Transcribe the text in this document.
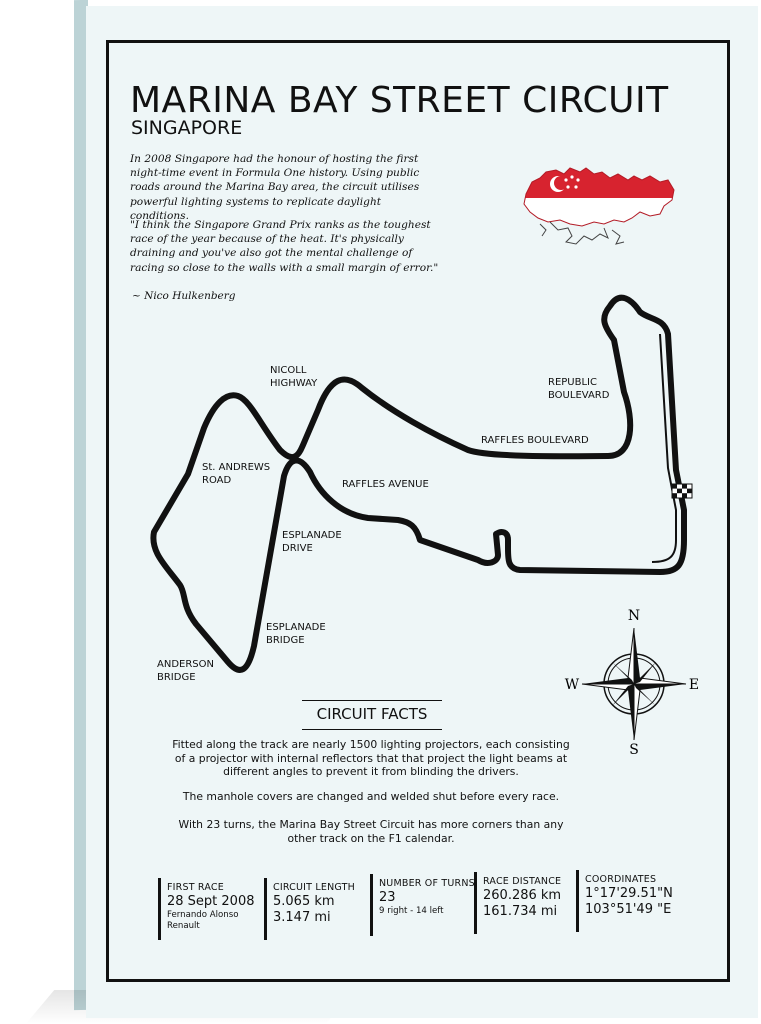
MARINA BAY STREET CIRCUIT
SINGAPORE
In 2008 Singapore had the honour of hosting the first night-time event in Formula One history. Using public roads around the Marina Bay area, the circuit utilises powerful lighting systems to replicate daylight conditions.
"I think the Singapore Grand Prix ranks as the toughest race of the year because of the heat. It's physically draining and you've also got the mental challenge of racing so close to the walls with a small margin of error."
~ Nico Hulkenberg
NICOLL
HIGHWAY	REPUBLIC
BOULEVARD
RAFFLES BOULEVARD
St. ANDREWS
ROAD	RAFFLES AVENUE
ESPLANADE
DRIVE
ESPLANADE
BRIDGE
ANDERSON
BRIDGE
N
S
E
W
CIRCUIT FACTS
Fitted along the track are nearly 1500 lighting projectors, each consisting of a projector with internal reflectors that that project the light beams at different angles to prevent it from blinding the drivers.
The manhole covers are changed and welded shut before every race.
With 23 turns, the Marina Bay Street Circuit has more corners than any other track on the F1 calendar.
FIRST RACE
28 Sept 2008
Fernando Alonso
Renault
CIRCUIT LENGTH
5.065 km
3.147 mi
NUMBER OF TURNS
23
9 right - 14 left
RACE DISTANCE
260.286 km
161.734 mi
COORDINATES
1°17'29.51"N
103°51'49 "E
